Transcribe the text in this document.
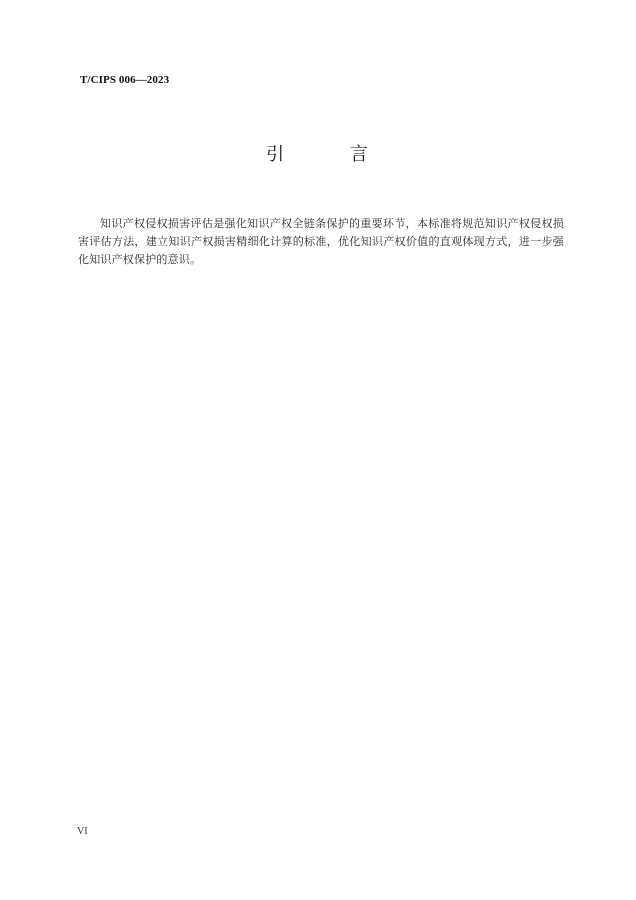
T/CIPS 006—2023
引 言

知识产权侵权损害评估是强化知识产权全链条保护的重要环节，本标准将规范知识产权侵权损害评估方法，建立知识产权损害精细化计算的标准，优化知识产权价值的直观体现方式，进一步强化知识产权保护的意识。

VI
